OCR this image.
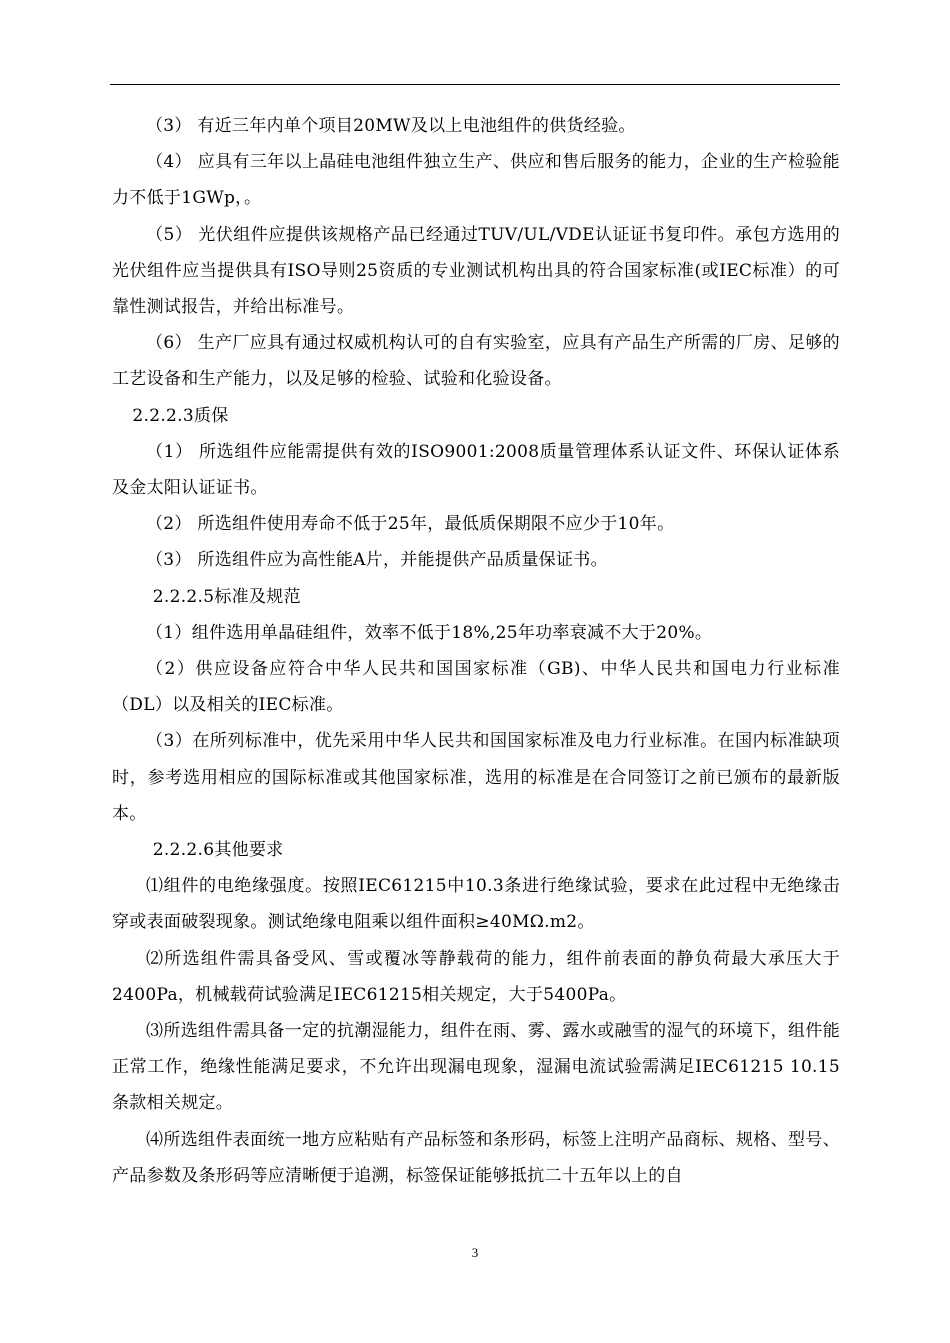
（3） 有近三年内单个项目20MW及以上电池组件的供货经验。

（4） 应具有三年以上晶硅电池组件独立生产、供应和售后服务的能力，企业的生产检验能力不低于1GWp，。

（5） 光伏组件应提供该规格产品已经通过TUV/UL/VDE认证证书复印件。承包方选用的光伏组件应当提供具有ISO导则25资质的专业测试机构出具的符合国家标准(或IEC标准）的可靠性测试报告，并给出标准号。

（6） 生产厂应具有通过权威机构认可的自有实验室，应具有产品生产所需的厂房、足够的工艺设备和生产能力，以及足够的检验、试验和化验设备。

2.2.2.3质保

（1） 所选组件应能需提供有效的ISO9001:2008质量管理体系认证文件、环保认证体系及金太阳认证证书。

（2） 所选组件使用寿命不低于25年，最低质保期限不应少于10年。

（3） 所选组件应为高性能A片，并能提供产品质量保证书。

2.2.2.5标准及规范

（1）组件选用单晶硅组件，效率不低于18%,25年功率衰减不大于20%。

（2）供应设备应符合中华人民共和国国家标准（GB)、中华人民共和国电力行业标准（DL）以及相关的IEC标准。

（3）在所列标准中，优先采用中华人民共和国国家标准及电力行业标准。在国内标准缺项时，参考选用相应的国际标准或其他国家标准，选用的标准是在合同签订之前已颁布的最新版本。

2.2.2.6其他要求

⑴组件的电绝缘强度。按照IEC61215中10.3条进行绝缘试验，要求在此过程中无绝缘击穿或表面破裂现象。测试绝缘电阻乘以组件面积≥40MΩ.m2。

⑵所选组件需具备受风、雪或覆冰等静载荷的能力，组件前表面的静负荷最大承压大于2400Pa，机械载荷试验满足IEC61215相关规定，大于5400Pa。

⑶所选组件需具备一定的抗潮湿能力，组件在雨、雾、露水或融雪的湿气的环境下，组件能正常工作，绝缘性能满足要求，不允许出现漏电现象，湿漏电流试验需满足IEC61215 10.15条款相关规定。

⑷所选组件表面统一地方应粘贴有产品标签和条形码，标签上注明产品商标、规格、型号、产品参数及条形码等应清晰便于追溯，标签保证能够抵抗二十五年以上的自

3
